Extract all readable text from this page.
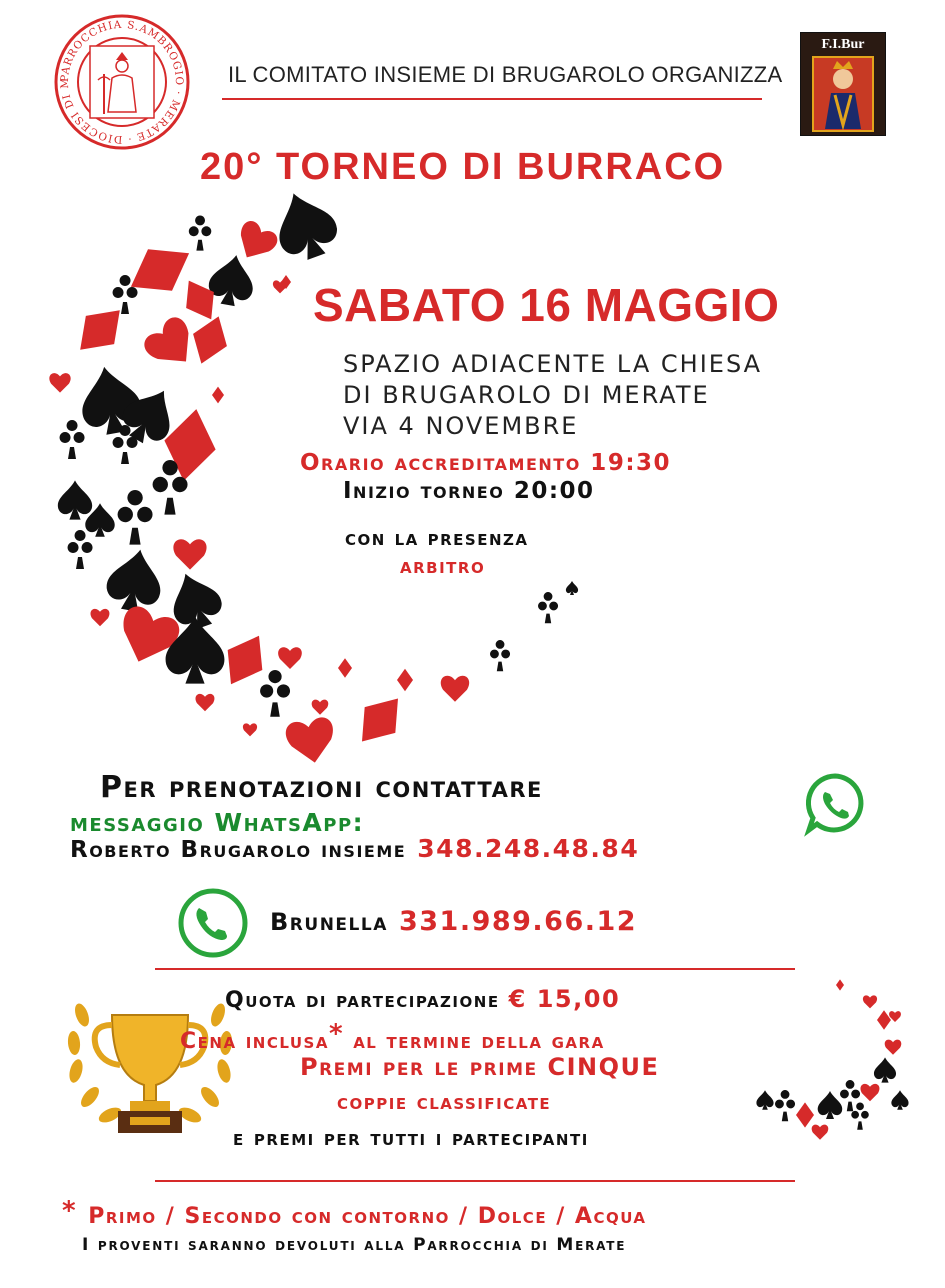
PARROCCHIA S.AMBROGIO · MERATE · DIOCESI DI MILANO
IL COMITATO INSIEME DI BRUGAROLO ORGANIZZA
F.I.Bur
20° TORNEO DI BURRACO
SABATO 16 MAGGIO
SPAZIO ADIACENTE LA CHIESA
DI BRUGAROLO DI MERATE
VIA 4 NOVEMBRE
Orario accreditamento 19:30
Inizio torneo 20:00
con la presenza
arbitro
Per prenotazioni contattare
messaggio WhatsApp:
Roberto Brugarolo insieme 348.248.48.84
Brunella 331.989.66.12
Quota di partecipazione € 15,00
Cena inclusa* al termine della gara
Premi per le prime CINQUE
coppie classificate
e premi per tutti i partecipanti
* Primo / Secondo con contorno / Dolce / Acqua
I proventi saranno devoluti alla Parrocchia di Merate
